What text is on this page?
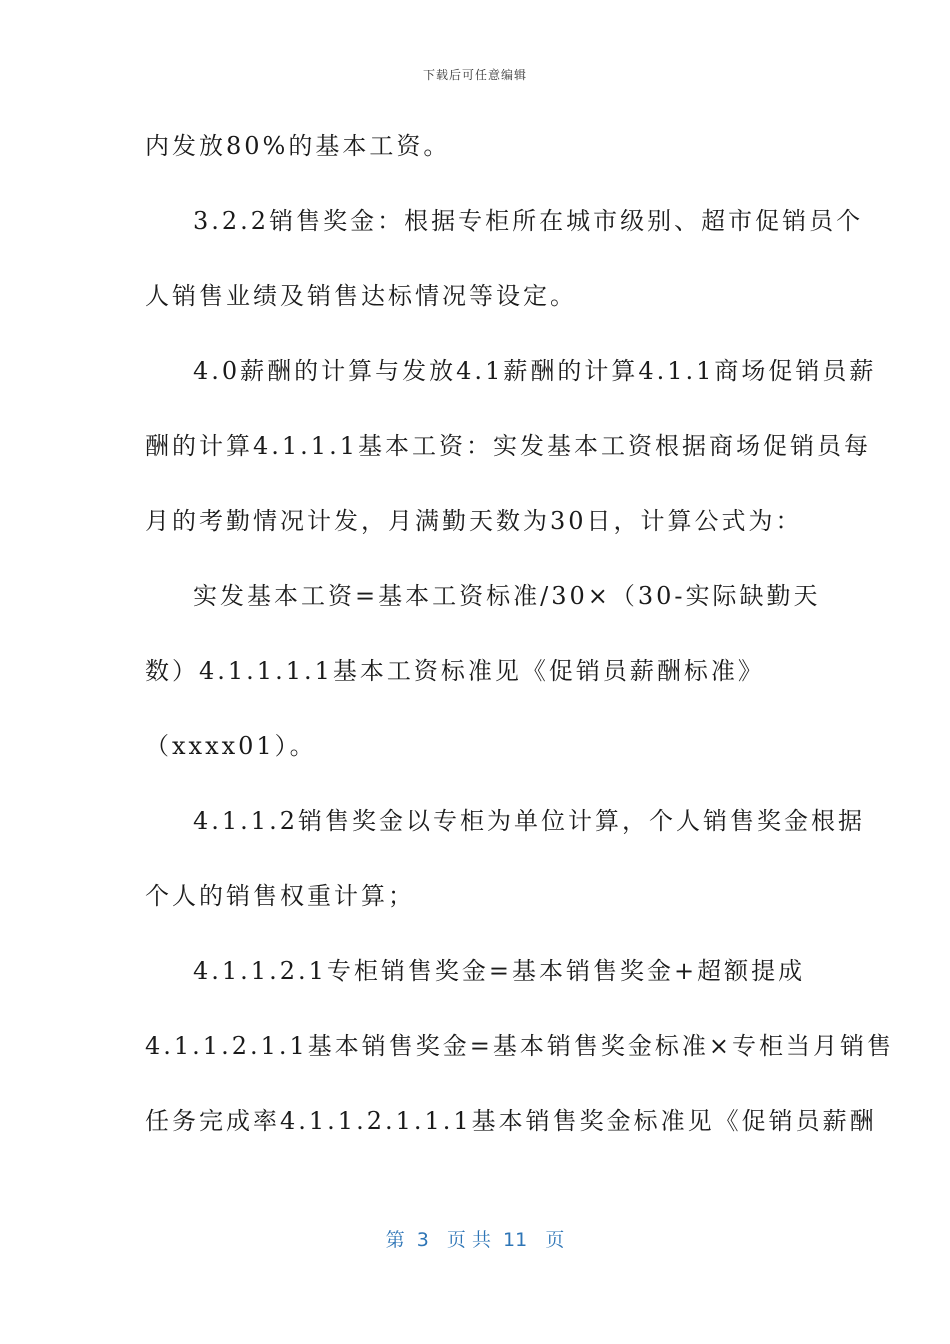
下载后可任意编辑
内发放80%的基本工资。
3.2.2销售奖金：根据专柜所在城市级别、超市促销员个
人销售业绩及销售达标情况等设定。
4.0薪酬的计算与发放4.1薪酬的计算4.1.1商场促销员薪
酬的计算4.1.1.1基本工资：实发基本工资根据商场促销员每
月的考勤情况计发，月满勤天数为30日，计算公式为：
实发基本工资=基本工资标准/30×（30-实际缺勤天
数）4.1.1.1.1基本工资标准见《促销员薪酬标准》
（xxxx01）。
4.1.1.2销售奖金以专柜为单位计算，个人销售奖金根据
个人的销售权重计算；
4.1.1.2.1专柜销售奖金=基本销售奖金+超额提成
4.1.1.2.1.1基本销售奖金=基本销售奖金标准×专柜当月销售
任务完成率4.1.1.2.1.1.1基本销售奖金标准见《促销员薪酬
第  3   页 共  11   页
